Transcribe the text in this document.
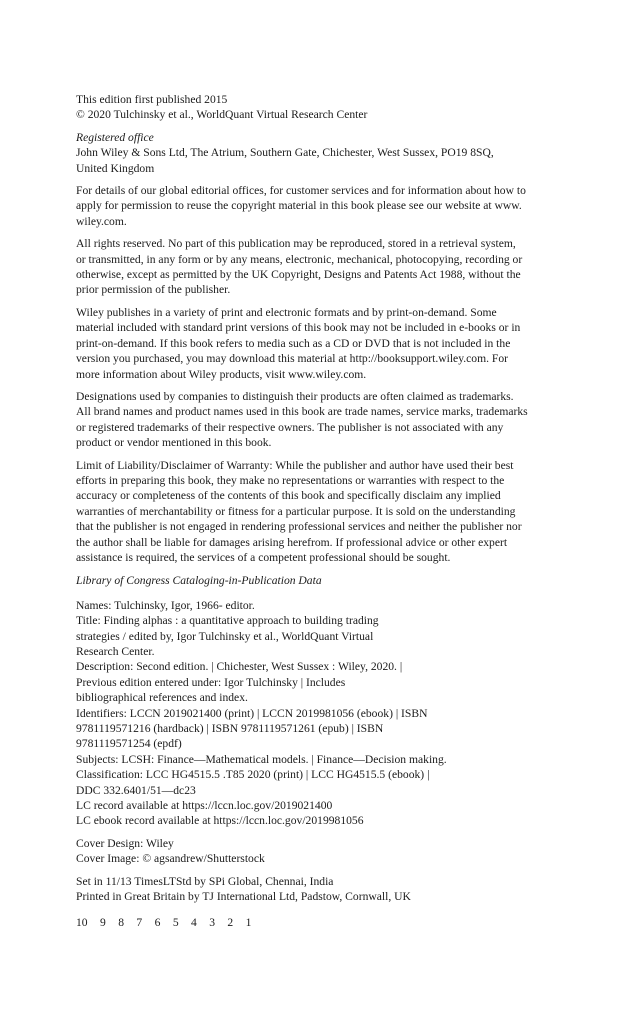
This edition first published 2015
© 2020 Tulchinsky et al., WorldQuant Virtual Research Center
Registered office
John Wiley & Sons Ltd, The Atrium, Southern Gate, Chichester, West Sussex, PO19 8SQ,
United Kingdom
For details of our global editorial offices, for customer services and for information about how to
apply for permission to reuse the copyright material in this book please see our website at www.
wiley.com.
All rights reserved. No part of this publication may be reproduced, stored in a retrieval system,
or transmitted, in any form or by any means, electronic, mechanical, photocopying, recording or
otherwise, except as permitted by the UK Copyright, Designs and Patents Act 1988, without the
prior permission of the publisher.
Wiley publishes in a variety of print and electronic formats and by print-on-demand. Some
material included with standard print versions of this book may not be included in e-books or in
print-on-demand. If this book refers to media such as a CD or DVD that is not included in the
version you purchased, you may download this material at http://booksupport.wiley.com. For
more information about Wiley products, visit www.wiley.com.
Designations used by companies to distinguish their products are often claimed as trademarks.
All brand names and product names used in this book are trade names, service marks, trademarks
or registered trademarks of their respective owners. The publisher is not associated with any
product or vendor mentioned in this book.
Limit of Liability/Disclaimer of Warranty: While the publisher and author have used their best
efforts in preparing this book, they make no representations or warranties with respect to the
accuracy or completeness of the contents of this book and specifically disclaim any implied
warranties of merchantability or fitness for a particular purpose. It is sold on the understanding
that the publisher is not engaged in rendering professional services and neither the publisher nor
the author shall be liable for damages arising herefrom. If professional advice or other expert
assistance is required, the services of a competent professional should be sought.
Library of Congress Cataloging-in-Publication Data
Names: Tulchinsky, Igor, 1966- editor.
Title: Finding alphas : a quantitative approach to building trading
strategies / edited by, Igor Tulchinsky et al., WorldQuant Virtual
Research Center.
Description: Second edition. | Chichester, West Sussex : Wiley, 2020. |
Previous edition entered under: Igor Tulchinsky | Includes
bibliographical references and index.
Identifiers: LCCN 2019021400 (print) | LCCN 2019981056 (ebook) | ISBN
9781119571216 (hardback) | ISBN 9781119571261 (epub) | ISBN
9781119571254 (epdf)
Subjects: LCSH: Finance—Mathematical models. | Finance—Decision making.
Classification: LCC HG4515.5 .T85 2020 (print) | LCC HG4515.5 (ebook) |
DDC 332.6401/51—dc23
LC record available at https://lccn.loc.gov/2019021400
LC ebook record available at https://lccn.loc.gov/2019981056
Cover Design: Wiley
Cover Image: © agsandrew/Shutterstock
Set in 11/13 TimesLTStd by SPi Global, Chennai, India
Printed in Great Britain by TJ International Ltd, Padstow, Cornwall, UK
10 9 8 7 6 5 4 3 2 1
